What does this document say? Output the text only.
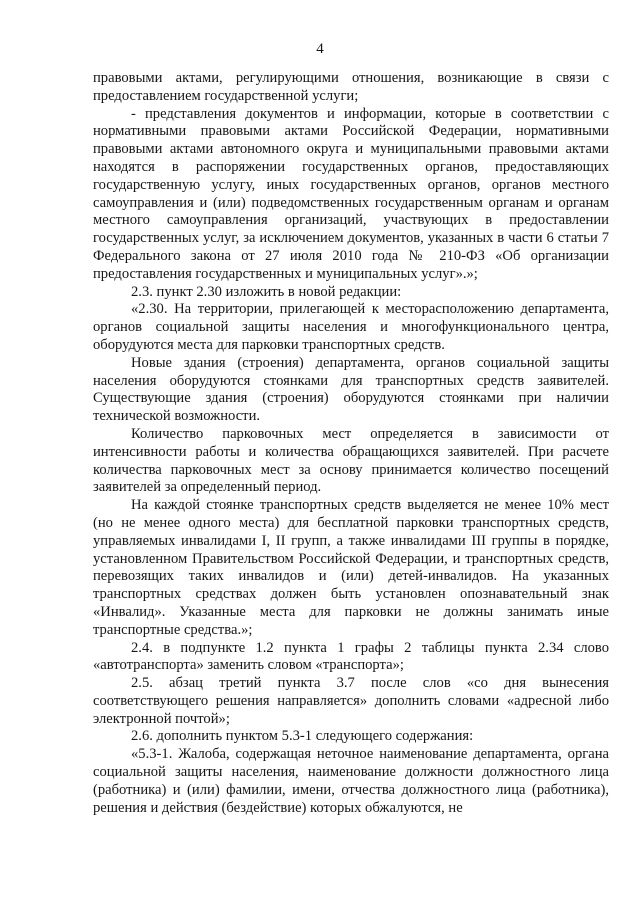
4

правовыми актами, регулирующими отношения, возникающие в связи с предоставлением государственной услуги;

- представления документов и информации, которые в соответствии с нормативными правовыми актами Российской Федерации, нормативными правовыми актами автономного округа и муниципальными правовыми актами находятся в распоряжении государственных органов, предоставляющих государственную услугу, иных государственных органов, органов местного самоуправления и (или) подведомственных государственным органам и органам местного самоуправления организаций, участвующих в предоставлении государственных услуг, за исключением документов, указанных в части 6 статьи 7 Федерального закона от 27 июля 2010 года № 210-ФЗ «Об организации предоставления государственных и муниципальных услуг».»;

2.3. пункт 2.30 изложить в новой редакции:

«2.30. На территории, прилегающей к месторасположению департамента, органов социальной защиты населения и многофункционального центра, оборудуются места для парковки транспортных средств.

Новые здания (строения) департамента, органов социальной защиты населения оборудуются стоянками для транспортных средств заявителей. Существующие здания (строения) оборудуются стоянками при наличии технической возможности.

Количество парковочных мест определяется в зависимости от интенсивности работы и количества обращающихся заявителей. При расчете количества парковочных мест за основу принимается количество посещений заявителей за определенный период.

На каждой стоянке транспортных средств выделяется не менее 10% мест (но не менее одного места) для бесплатной парковки транспортных средств, управляемых инвалидами I, II групп, а также инвалидами III группы в порядке, установленном Правительством Российской Федерации, и транспортных средств, перевозящих таких инвалидов и (или) детей-инвалидов. На указанных транспортных средствах должен быть установлен опознавательный знак «Инвалид». Указанные места для парковки не должны занимать иные транспортные средства.»;

2.4. в подпункте 1.2 пункта 1 графы 2 таблицы пункта 2.34 слово «автотранспорта» заменить словом «транспорта»;

2.5. абзац третий пункта 3.7 после слов «со дня вынесения соответствующего решения направляется» дополнить словами «адресной либо электронной почтой»;

2.6. дополнить пунктом 5.3-1 следующего содержания:

«5.3-1. Жалоба, содержащая неточное наименование департамента, органа социальной защиты населения, наименование должности должностного лица (работника) и (или) фамилии, имени, отчества должностного лица (работника), решения и действия (бездействие) которых обжалуются, не
